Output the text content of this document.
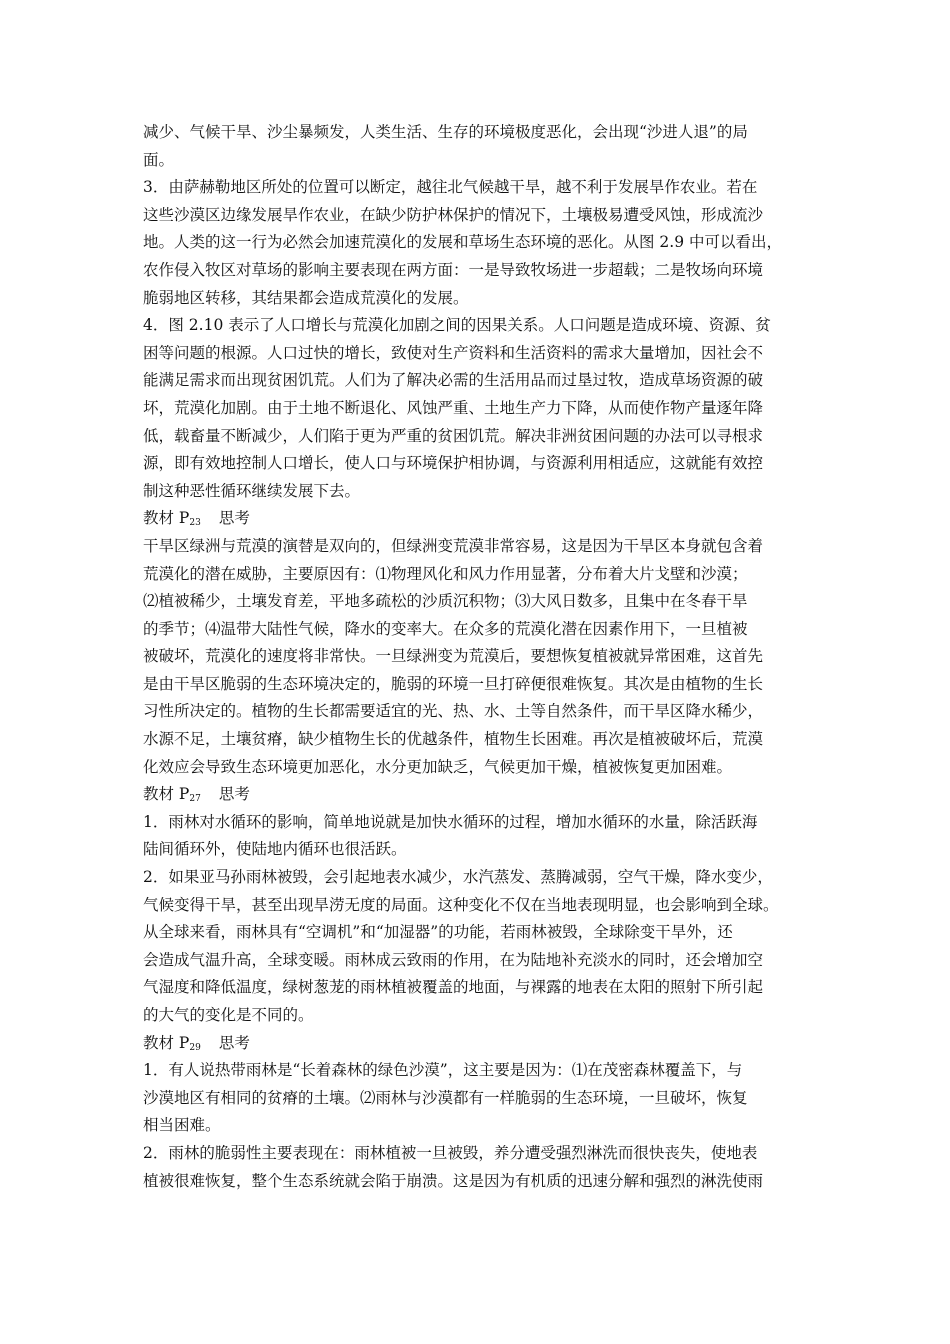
减少、气候干旱、沙尘暴频发，人类生活、生存的环境极度恶化，会出现“沙进人退”的局
面。
3．由萨赫勒地区所处的位置可以断定，越往北气候越干旱，越不利于发展旱作农业。若在
这些沙漠区边缘发展旱作农业，在缺少防护林保护的情况下，土壤极易遭受风蚀，形成流沙
地。人类的这一行为必然会加速荒漠化的发展和草场生态环境的恶化。从图 2.9 中可以看出，
农作侵入牧区对草场的影响主要表现在两方面：一是导致牧场进一步超载；二是牧场向环境
脆弱地区转移，其结果都会造成荒漠化的发展。
4．图 2.10 表示了人口增长与荒漠化加剧之间的因果关系。人口问题是造成环境、资源、贫
困等问题的根源。人口过快的增长，致使对生产资料和生活资料的需求大量增加，因社会不
能满足需求而出现贫困饥荒。人们为了解决必需的生活用品而过垦过牧，造成草场资源的破
坏，荒漠化加剧。由于土地不断退化、风蚀严重、土地生产力下降，从而使作物产量逐年降
低，载畜量不断减少，人们陷于更为严重的贫困饥荒。解决非洲贫困问题的办法可以寻根求
源，即有效地控制人口增长，使人口与环境保护相协调，与资源利用相适应，这就能有效控
制这种恶性循环继续发展下去。
教材 $P_{23}$ 思考
干旱区绿洲与荒漠的演替是双向的，但绿洲变荒漠非常容易，这是因为干旱区本身就包含着
荒漠化的潜在威胁，主要原因有：⑴物理风化和风力作用显著，分布着大片戈壁和沙漠；
⑵植被稀少，土壤发育差，平地多疏松的沙质沉积物；⑶大风日数多，且集中在冬春干旱
的季节；⑷温带大陆性气候，降水的变率大。在众多的荒漠化潜在因素作用下，一旦植被
被破坏，荒漠化的速度将非常快。一旦绿洲变为荒漠后，要想恢复植被就异常困难，这首先
是由干旱区脆弱的生态环境决定的，脆弱的环境一旦打碎便很难恢复。其次是由植物的生长
习性所决定的。植物的生长都需要适宜的光、热、水、土等自然条件，而干旱区降水稀少，
水源不足，土壤贫瘠，缺少植物生长的优越条件，植物生长困难。再次是植被破坏后，荒漠
化效应会导致生态环境更加恶化，水分更加缺乏，气候更加干燥，植被恢复更加困难。
教材 $P_{27}$ 思考
1．雨林对水循环的影响，简单地说就是加快水循环的过程，增加水循环的水量，除活跃海
陆间循环外，使陆地内循环也很活跃。
2．如果亚马孙雨林被毁，会引起地表水减少，水汽蒸发、蒸腾减弱，空气干燥，降水变少，
气候变得干旱，甚至出现旱涝无度的局面。这种变化不仅在当地表现明显，也会影响到全球。
从全球来看，雨林具有“空调机”和“加湿器”的功能，若雨林被毁，全球除变干旱外，还
会造成气温升高，全球变暖。雨林成云致雨的作用，在为陆地补充淡水的同时，还会增加空
气湿度和降低温度，绿树葱茏的雨林植被覆盖的地面，与裸露的地表在太阳的照射下所引起
的大气的变化是不同的。
教材 $P_{29}$ 思考
1．有人说热带雨林是“长着森林的绿色沙漠”，这主要是因为：⑴在茂密森林覆盖下，与
沙漠地区有相同的贫瘠的土壤。⑵雨林与沙漠都有一样脆弱的生态环境，一旦破坏，恢复
相当困难。
2．雨林的脆弱性主要表现在：雨林植被一旦被毁，养分遭受强烈淋洗而很快丧失，使地表
植被很难恢复，整个生态系统就会陷于崩溃。这是因为有机质的迅速分解和强烈的淋洗使雨
